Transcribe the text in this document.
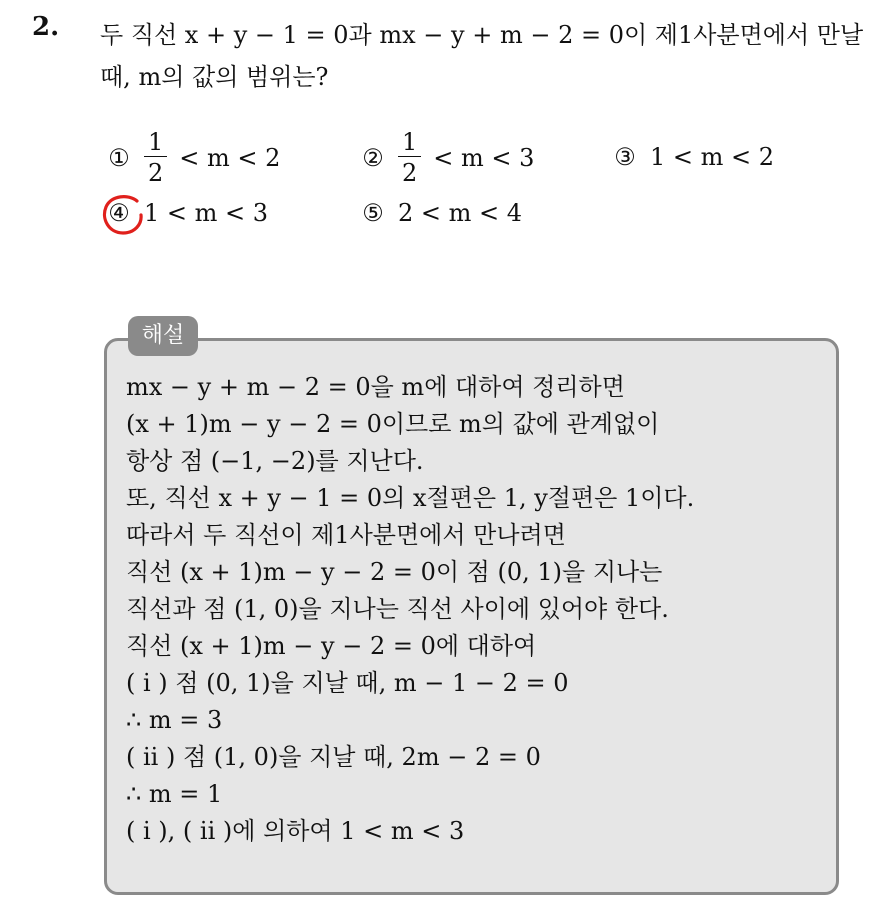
2. 두 직선 x + y − 1 = 0과 mx − y + m − 2 = 0이 제1사분면에서 만날
때, m의 값의 범위는?
① $\frac{1}{2} < m < 2$	② $\frac{1}{2} < m < 3$	③ 1 < m < 2
④ 1 < m < 3	⑤ 2 < m < 4
해설
mx − y + m − 2 = 0을 m에 대하여 정리하면
(x + 1)m − y − 2 = 0이므로 m의 값에 관계없이
항상 점 (−1, −2)를 지난다.
또, 직선 x + y − 1 = 0의 x절편은 1, y절편은 1이다.
따라서 두 직선이 제1사분면에서 만나려면
직선 (x + 1)m − y − 2 = 0이 점 (0, 1)을 지나는
직선과 점 (1, 0)을 지나는 직선 사이에 있어야 한다.
직선 (x + 1)m − y − 2 = 0에 대하여
( i ) 점 (0, 1)을 지날 때, m − 1 − 2 = 0
∴ m = 3
( ii ) 점 (1, 0)을 지날 때, 2m − 2 = 0
∴ m = 1
( i ), ( ii )에 의하여 1 < m < 3
